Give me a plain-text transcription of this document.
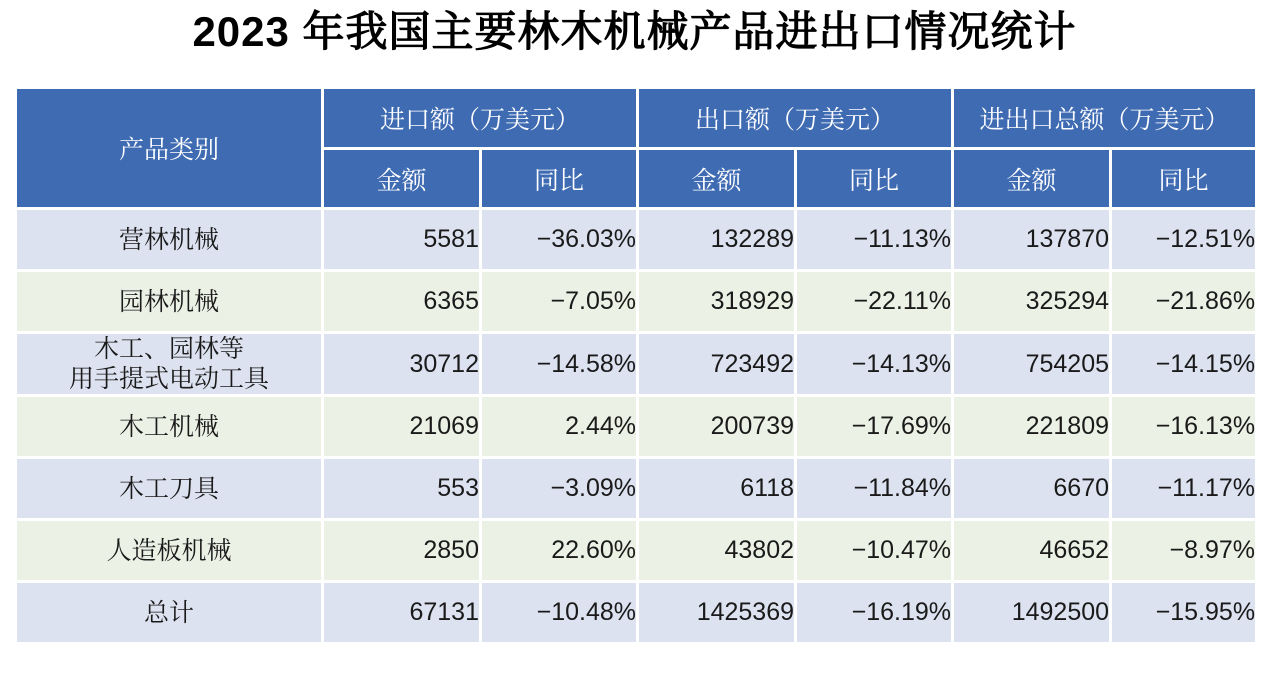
2023 年我国主要林木机械产品进出口情况统计
产品类别	进口额（万美元）		出口额（万美元）		进出口总额（万美元）	
	金额	同比	金额	同比	金额	同比

营林机械	5581	−36.03%	132289	−11.13%	137870	−12.51%

园林机械	6365	−7.05%	318929	−22.11%	325294	−21.86%

木工、园林等
用手提式电动工具	30712	−14.58%	723492	−14.13%	754205	−14.15%

木工机械	21069	2.44%	200739	−17.69%	221809	−16.13%

木工刀具	553	−3.09%	6118	−11.84%	6670	−11.17%

人造板机械	2850	22.60%	43802	−10.47%	46652	−8.97%

总计	67131	−10.48%	1425369	−16.19%	1492500	−15.95%
